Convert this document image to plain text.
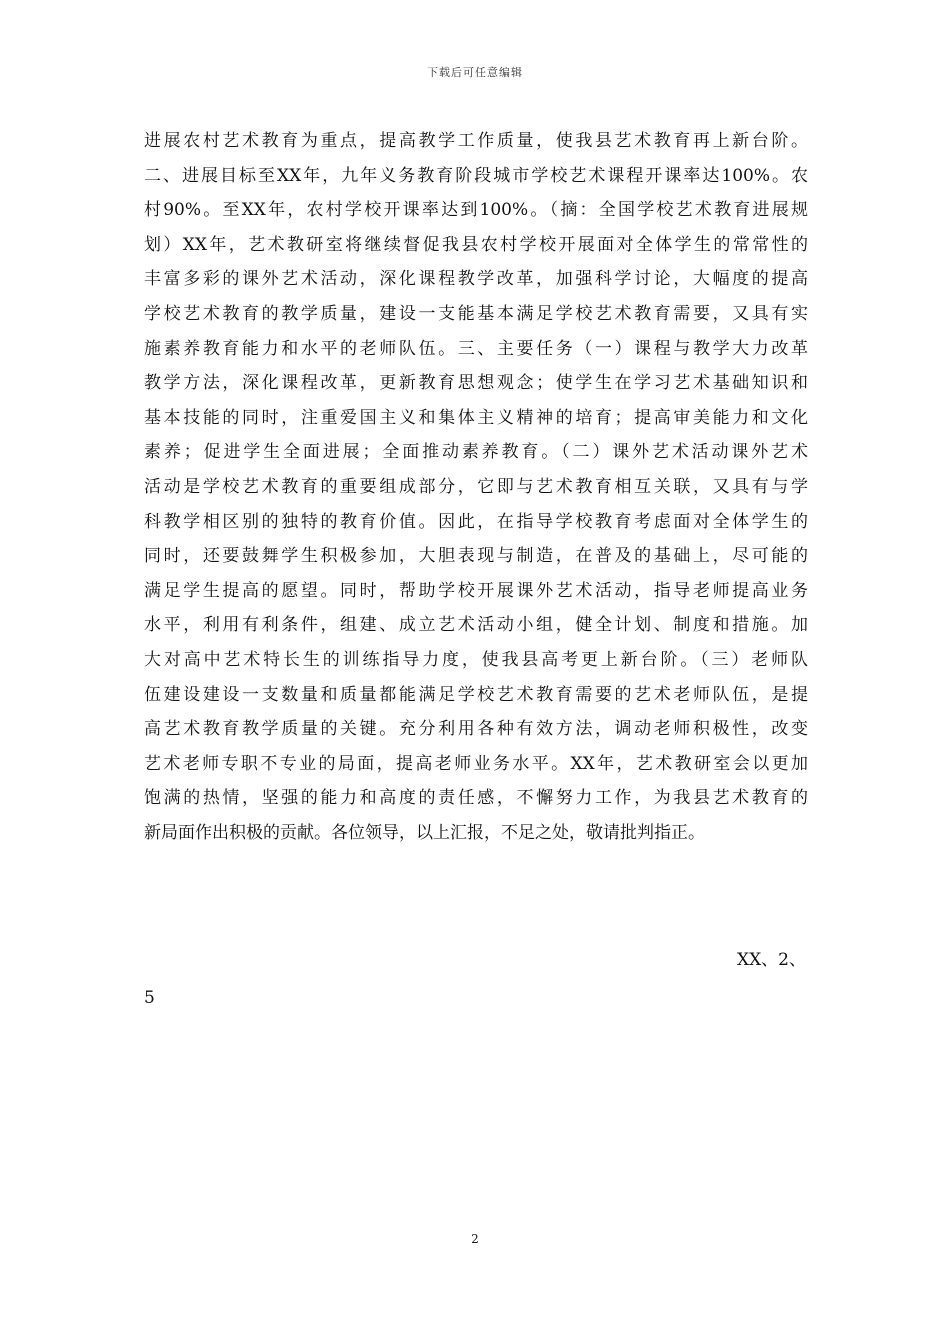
下载后可任意编辑
进展农村艺术教育为重点，提高教学工作质量，使我县艺术教育再上新台阶。
二、进展目标至XX年，九年义务教育阶段城市学校艺术课程开课率达100%。农
村90%。至XX年，农村学校开课率达到100%。（摘：全国学校艺术教育进展规
划）XX年，艺术教研室将继续督促我县农村学校开展面对全体学生的常常性的
丰富多彩的课外艺术活动，深化课程教学改革，加强科学讨论，大幅度的提高
学校艺术教育的教学质量，建设一支能基本满足学校艺术教育需要，又具有实
施素养教育能力和水平的老师队伍。三、主要任务（一）课程与教学大力改革
教学方法，深化课程改革，更新教育思想观念；使学生在学习艺术基础知识和
基本技能的同时，注重爱国主义和集体主义精神的培育；提高审美能力和文化
素养；促进学生全面进展；全面推动素养教育。（二）课外艺术活动课外艺术
活动是学校艺术教育的重要组成部分，它即与艺术教育相互关联，又具有与学
科教学相区别的独特的教育价值。因此，在指导学校教育考虑面对全体学生的
同时，还要鼓舞学生积极参加，大胆表现与制造，在普及的基础上，尽可能的
满足学生提高的愿望。同时，帮助学校开展课外艺术活动，指导老师提高业务
水平，利用有利条件，组建、成立艺术活动小组，健全计划、制度和措施。加
大对高中艺术特长生的训练指导力度，使我县高考更上新台阶。（三）老师队
伍建设建设一支数量和质量都能满足学校艺术教育需要的艺术老师队伍，是提
高艺术教育教学质量的关键。充分利用各种有效方法，调动老师积极性，改变
艺术老师专职不专业的局面，提高老师业务水平。XX年，艺术教研室会以更加
饱满的热情，坚强的能力和高度的责任感，不懈努力工作，为我县艺术教育的
新局面作出积极的贡献。各位领导，以上汇报，不足之处，敬请批判指正。
XX、2、
5
2
